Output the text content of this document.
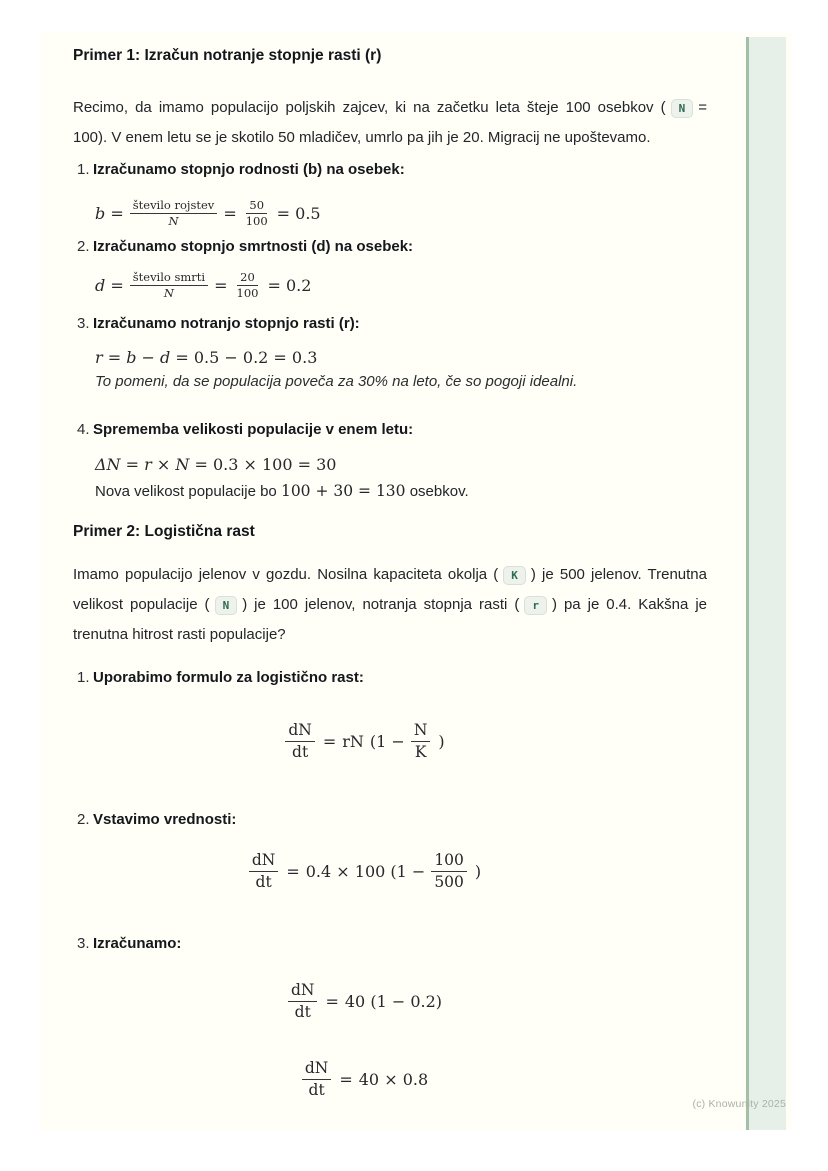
(c) Knowunity 2025
Primer 1: Izračun notranje stopnje rasti (r)

Recimo, da imamo populacijo poljskih zajcev, ki na začetku leta šteje 100 osebkov ( N = 100). V enem letu se je skotilo 50 mladičev, umrlo pa jih je 20. Migracij ne upoštevamo.

1. Izračunamo stopnjo rodnosti (b) na osebek:
$b = \frac{\text{število rojstev}}{N} = \frac{50}{100} = 0.5$
2. Izračunamo stopnjo smrtnosti (d) na osebek:
$d = \frac{\text{število smrti}}{N} = \frac{20}{100} = 0.2$
3. Izračunamo notranjo stopnjo rasti (r):
r = b − d = 0.5 − 0.2 = 0.3
To pomeni, da se populacija poveča za 30% na leto, če so pogoji idealni.
4. Sprememba velikosti populacije v enem letu:
ΔN = r × N = 0.3 × 100 = 30
Nova velikost populacije bo 100 + 30 = 130 osebkov.
Primer 2: Logistična rast

Imamo populacijo jelenov v gozdu. Nosilna kapaciteta okolja ( K ) je 500 jelenov. Trenutna velikost populacije ( N ) je 100 jelenov, notranja stopnja rasti ( r ) pa je 0.4. Kakšna je trenutna hitrost rasti populacije?

1. Uporabimo formulo za logistično rast:
$\frac{dN}{dt}$ = rN ($1 - \frac{N}{K}$ )
2. Vstavimo vrednosti:
$\frac{dN}{dt} = 0.4 \times 100$ ($1 - \frac{100}{500}$ )
3. Izračunamo:
$\frac{dN}{dt} = 40$ (1 − 0.2)
$\frac{dN}{dt} = 40 \times 0.8$
